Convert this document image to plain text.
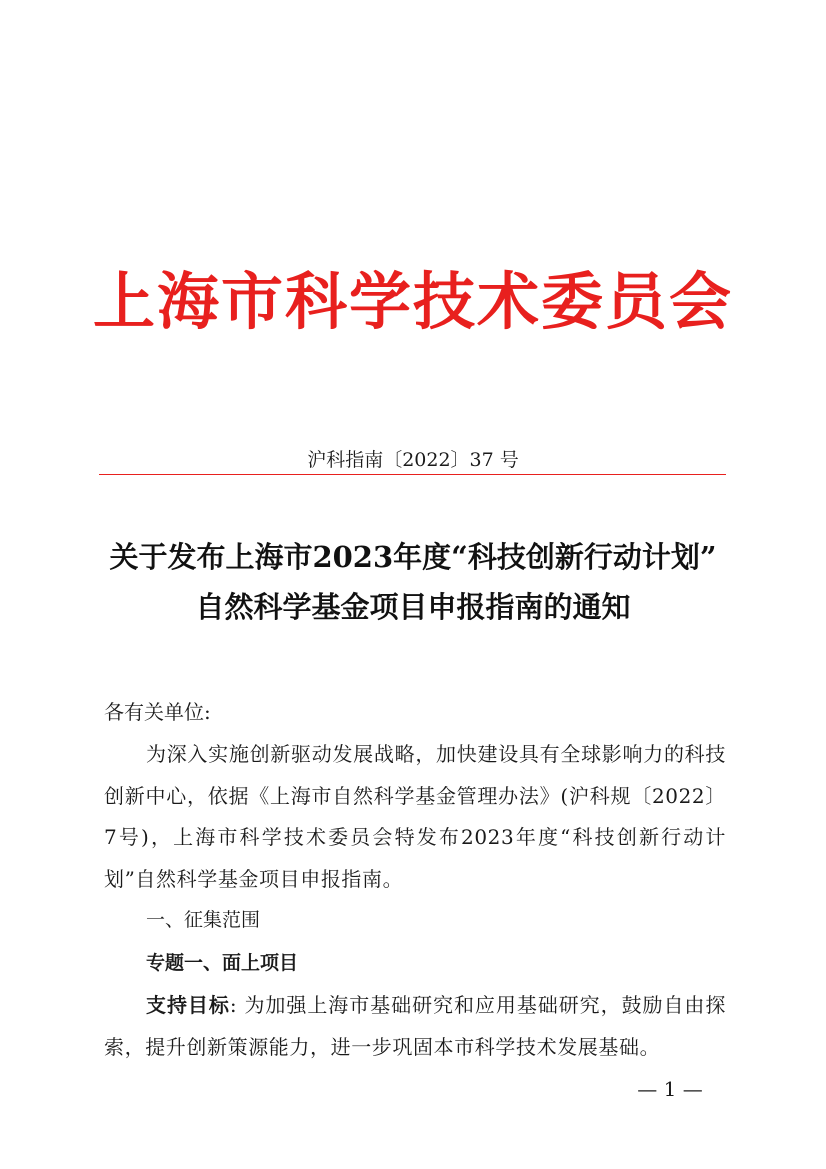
上海市科学技术委员会
沪科指南〔2022〕37 号
关于发布上海市2023年度“科技创新行动计划”
自然科学基金项目申报指南的通知
各有关单位:
为深入实施创新驱动发展战略，加快建设具有全球影响力的科技创新中心，依据《上海市自然科学基金管理办法》(沪科规〔2022〕7号)，上海市科学技术委员会特发布2023年度“科技创新行动计划”自然科学基金项目申报指南。
一、征集范围
专题一、面上项目
支持目标: 为加强上海市基础研究和应用基础研究，鼓励自由探索，提升创新策源能力，进一步巩固本市科学技术发展基础。
— 1 —
